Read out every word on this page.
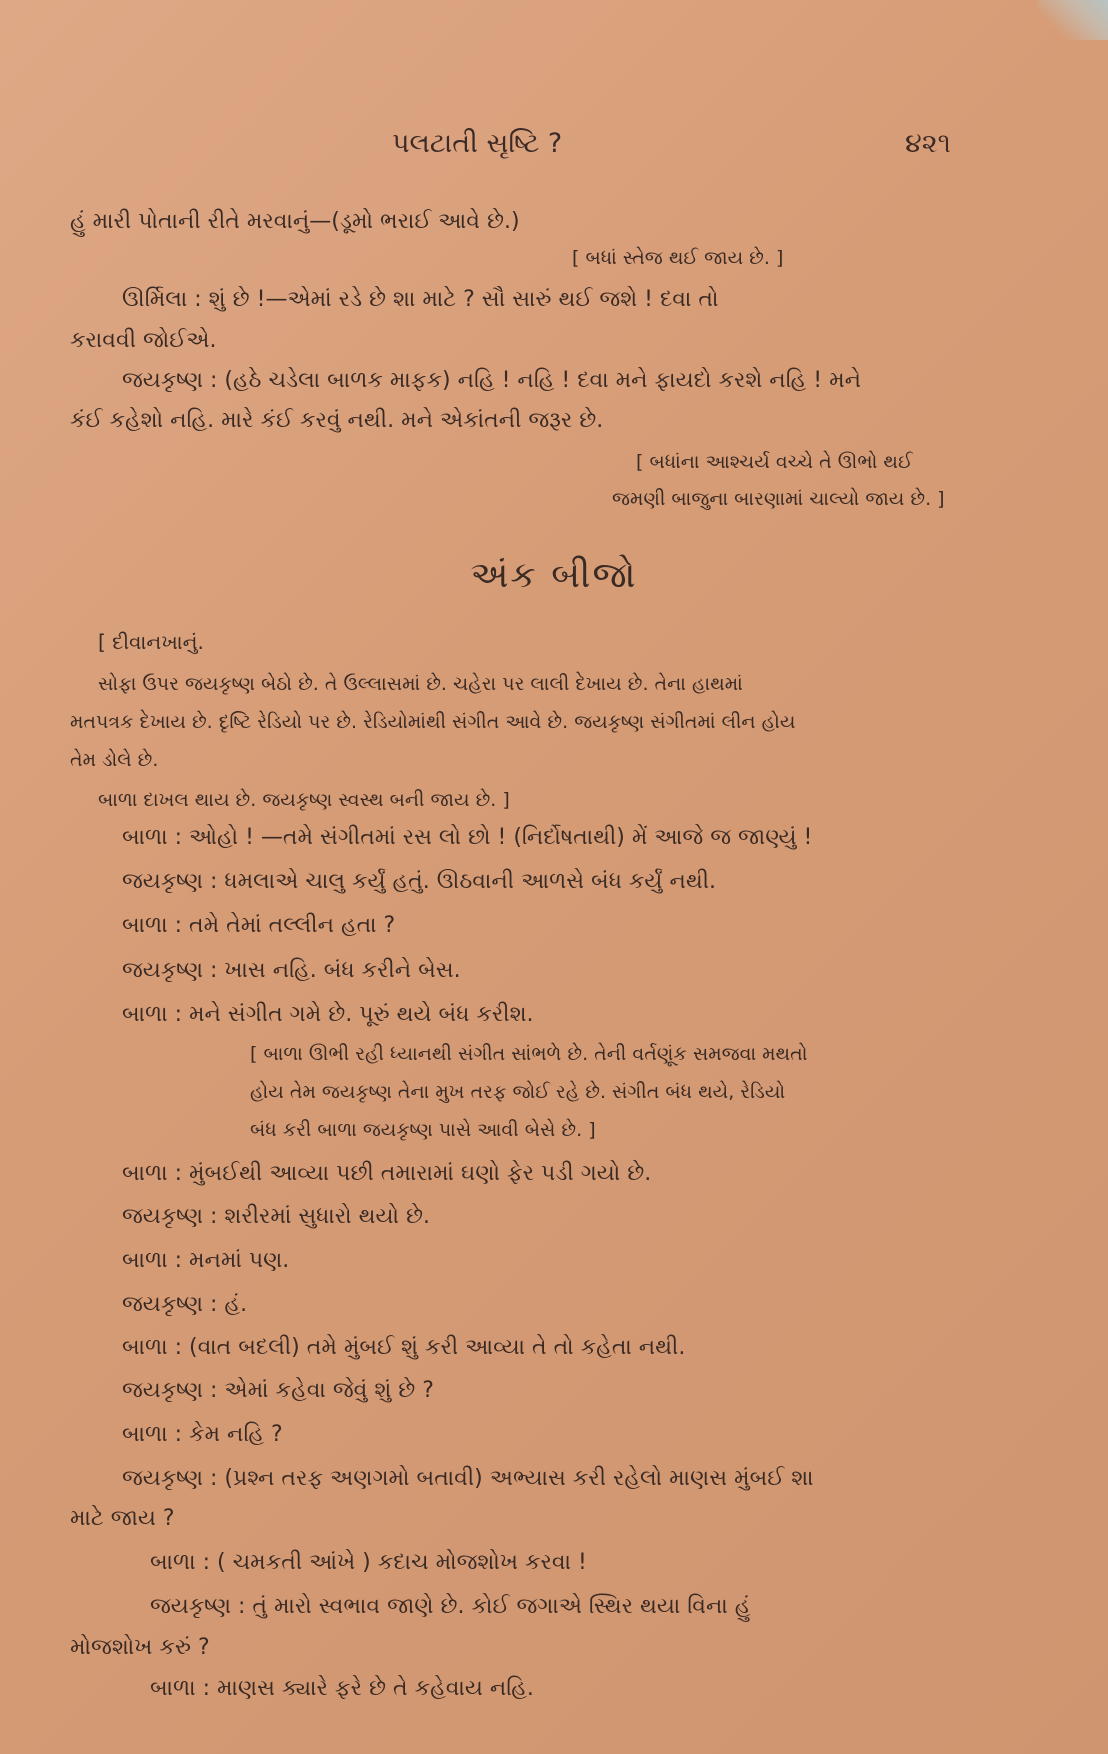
પલટાતી સૃષ્ટિ ?	૪૨૧
હું મારી પોતાની રીતે મરવાનું—(ડૂમો ભરાઈ આવે છે.)
[ બધાં સ્તેજ થઈ જાય છે. ]
ઊર્મિલા : શું છે !—એમાં રડે છે શા માટે ? સૌ સારું થઈ જશે ! દવા તો
કરાવવી જોઈએ.
જયકૃષ્ણ : (હઠે ચડેલા બાળક માફક) નહિ ! નહિ ! દવા મને ફાયદો કરશે નહિ ! મને
કંઈ કહેશો નહિ. મારે કંઈ કરવું નથી. મને એકાંતની જરૂર છે.
[ બધાંના આશ્ચર્ય વચ્ચે તે ઊભો થઈ
જમણી બાજુના બારણામાં ચાલ્યો જાય છે. ]
અંક બીજો
[ દીવાનખાનું.
સોફા ઉપર જયકૃષ્ણ બેઠો છે. તે ઉલ્લાસમાં છે. ચહેરા પર લાલી દેખાય છે. તેના હાથમાં
મતપત્રક દેખાય છે. દૃષ્ટિ રેડિયો પર છે. રેડિયોમાંથી સંગીત આવે છે. જયકૃષ્ણ સંગીતમાં લીન હોય
તેમ ડોલે છે.
બાળા દાખલ થાય છે. જયકૃષ્ણ સ્વસ્થ બની જાય છે. ]
બાળા : ઓહો ! —તમે સંગીતમાં રસ લો છો ! (નિર્દોષતાથી) મેં આજે જ જાણ્યું !
જયકૃષ્ણ : ધમલાએ ચાલુ કર્યું હતું. ઊઠવાની આળસે બંધ કર્યું નથી.
બાળા : તમે તેમાં તલ્લીન હતા ?
જયકૃષ્ણ : ખાસ નહિ. બંધ કરીને બેસ.
બાળા : મને સંગીત ગમે છે. પૂરું થયે બંધ કરીશ.
[ બાળા ઊભી રહી ધ્યાનથી સંગીત સાંભળે છે. તેની વર્તણૂંક સમજવા મથતો
હોય તેમ જયકૃષ્ણ તેના મુખ તરફ જોઈ રહે છે. સંગીત બંધ થયે, રેડિયો
બંધ કરી બાળા જયકૃષ્ણ પાસે આવી બેસે છે. ]
બાળા : મુંબઈથી આવ્યા પછી તમારામાં ઘણો ફેર પડી ગયો છે.
જયકૃષ્ણ : શરીરમાં સુધારો થયો છે.
બાળા : મનમાં પણ.
જયકૃષ્ણ : હં.
બાળા : (વાત બદલી) તમે મુંબઈ શું કરી આવ્યા તે તો કહેતા નથી.
જયકૃષ્ણ : એમાં કહેવા જેવું શું છે ?
બાળા : કેમ નહિ ?
જયકૃષ્ણ : (પ્રશ્ન તરફ અણગમો બતાવી) અભ્યાસ કરી રહેલો માણસ મુંબઈ શા
માટે જાય ?
બાળા : ( ચમકતી આંખે ) કદાચ મોજશોખ કરવા !
જયકૃષ્ણ : તું મારો સ્વભાવ જાણે છે. કોઈ જગાએ સ્થિર થયા વિના હું
મોજશોખ કરું ?
બાળા : માણસ ક્યારે ફરે છે તે કહેવાય નહિ.
